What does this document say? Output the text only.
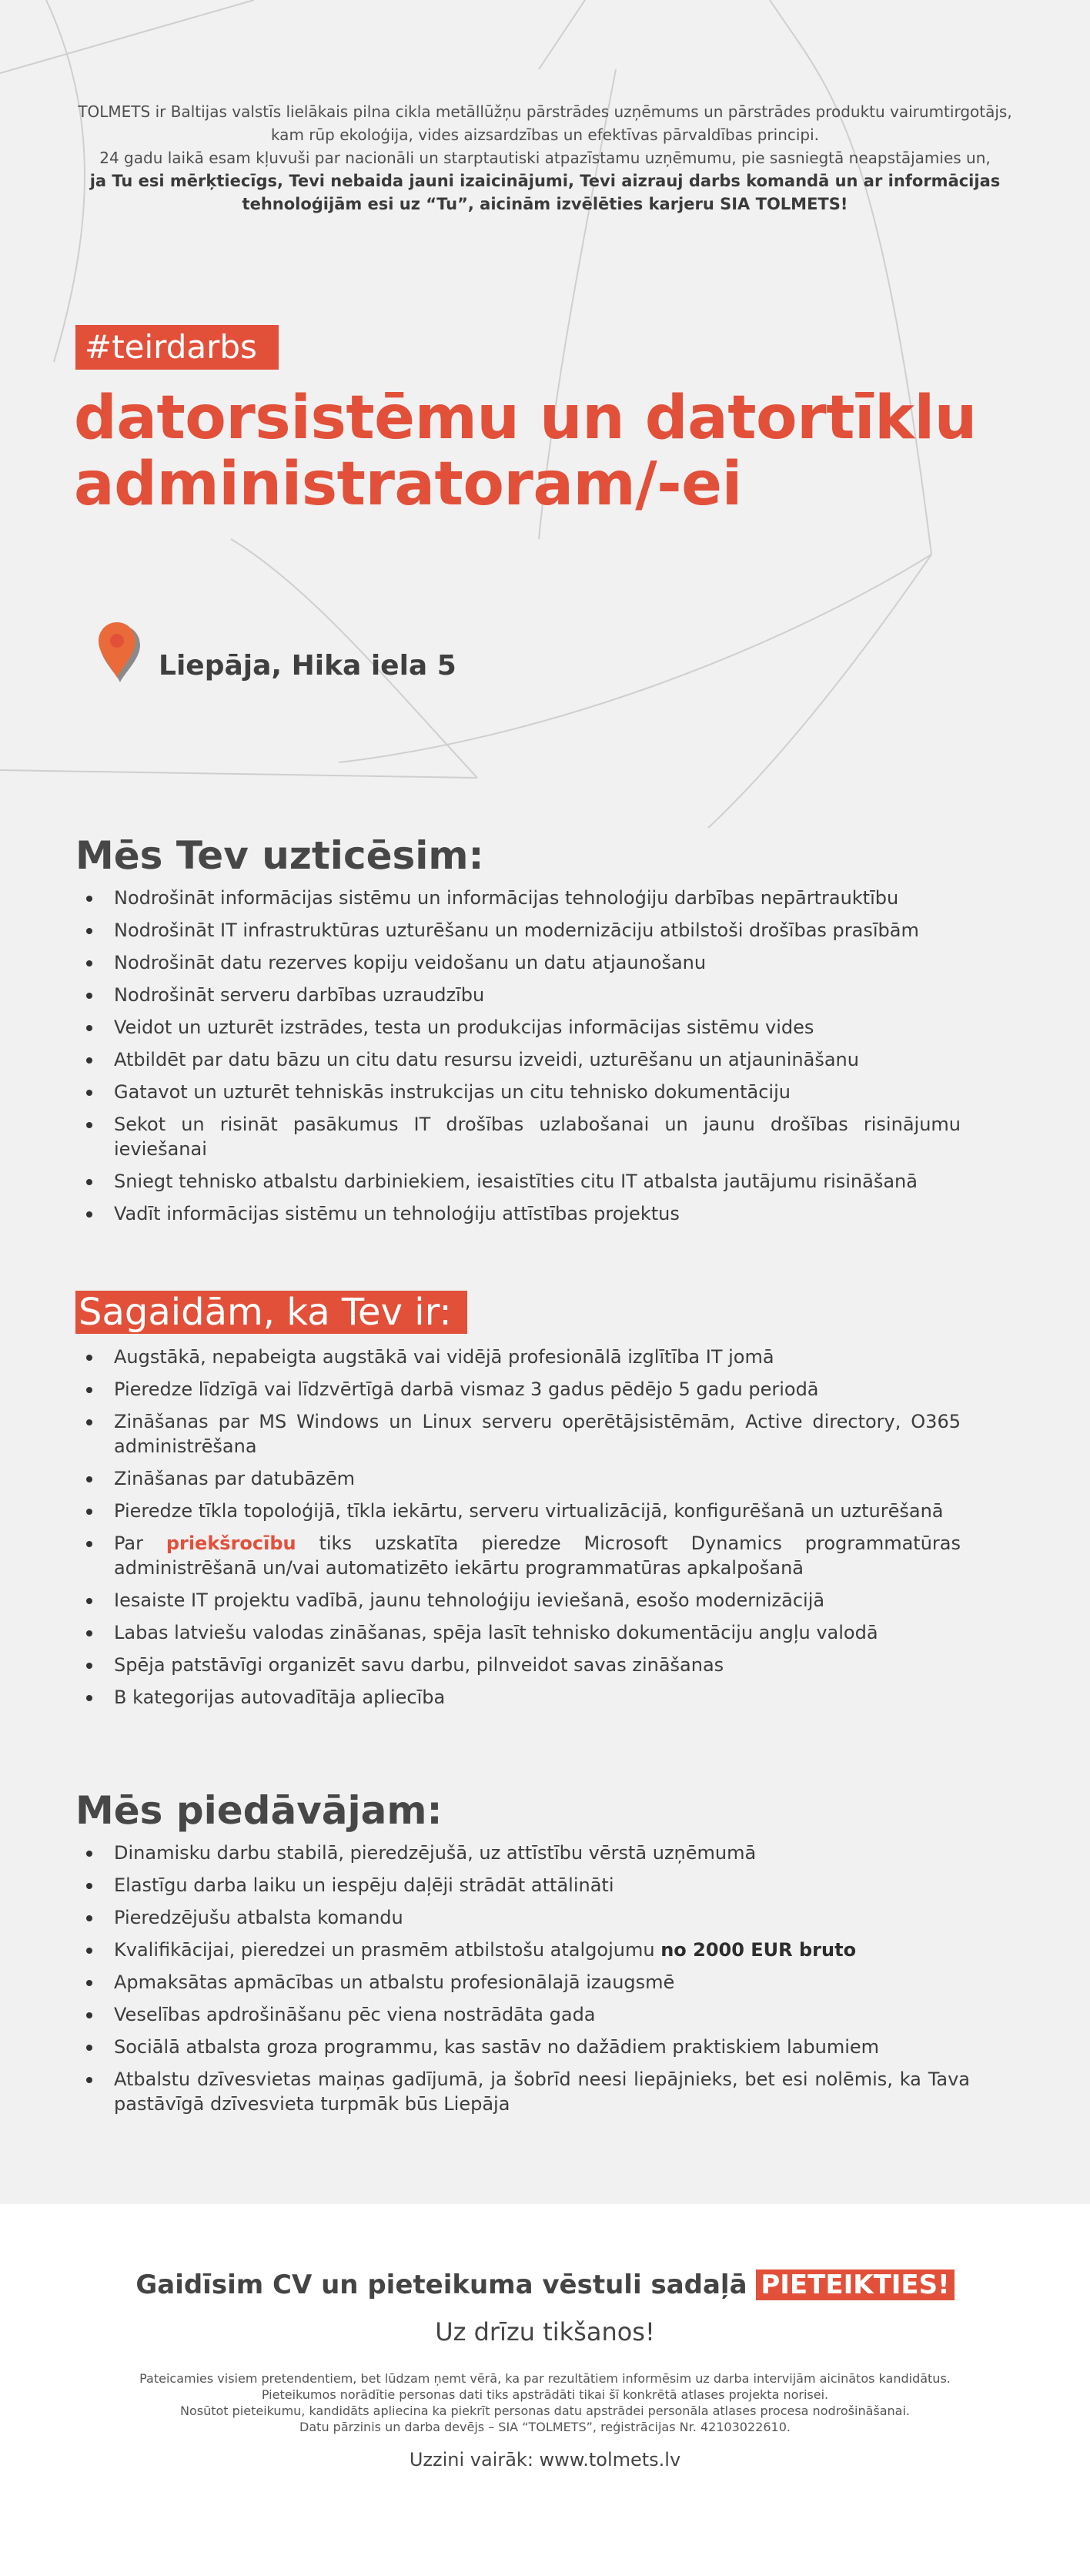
TOLMETS ir Baltijas valstīs lielākais pilna cikla metāllūžņu pārstrādes uzņēmums un pārstrādes produktu vairumtirgotājs, kam rūp ekoloģija, vides aizsardzības un efektīvas pārvaldības principi.

24 gadu laikā esam kļuvuši par nacionāli un starptautiski atpazīstamu uzņēmumu, pie sasniegtā neapstājamies un,

ja Tu esi mērķtiecīgs, Tevi nebaida jauni izaicinājumi, Tevi aizrauj darbs komandā un ar informācijas tehnoloģijām esi uz “Tu”, aicinām izvēlēties karjeru SIA TOLMETS!

#teirdarbs
datorsistēmu un datortīklu administratoram/-ei
Liepāja, Hika iela 5
Mēs Tev uzticēsim:
Nodrošināt informācijas sistēmu un informācijas tehnoloģiju darbības nepārtrauktību
Nodrošināt IT infrastruktūras uzturēšanu un modernizāciju atbilstoši drošības prasībām
Nodrošināt datu rezerves kopiju veidošanu un datu atjaunošanu
Nodrošināt serveru darbības uzraudzību
Veidot un uzturēt izstrādes, testa un produkcijas informācijas sistēmu vides
Atbildēt par datu bāzu un citu datu resursu izveidi, uzturēšanu un atjaunināšanu
Gatavot un uzturēt tehniskās instrukcijas un citu tehnisko dokumentāciju
Sekot un risināt pasākumus IT drošības uzlabošanai un jaunu drošības risinājumu ieviešanai
Sniegt tehnisko atbalstu darbiniekiem, iesaistīties citu IT atbalsta jautājumu risināšanā
Vadīt informācijas sistēmu un tehnoloģiju attīstības projektus
Sagaidām, ka Tev ir:
Augstākā, nepabeigta augstākā vai vidējā profesionālā izglītība IT jomā
Pieredze līdzīgā vai līdzvērtīgā darbā vismaz 3 gadus pēdējo 5 gadu periodā
Zināšanas par MS Windows un Linux serveru operētājsistēmām, Active directory, O365 administrēšana
Zināšanas par datubāzēm
Pieredze tīkla topoloģijā, tīkla iekārtu, serveru virtualizācijā, konfigurēšanā un uzturēšanā
Par priekšrocību tiks uzskatīta pieredze Microsoft Dynamics programmatūras administrēšanā un/vai automatizēto iekārtu programmatūras apkalpošanā
Iesaiste IT projektu vadībā, jaunu tehnoloģiju ieviešanā, esošo modernizācijā
Labas latviešu valodas zināšanas, spēja lasīt tehnisko dokumentāciju angļu valodā
Spēja patstāvīgi organizēt savu darbu, pilnveidot savas zināšanas
B kategorijas autovadītāja apliecība
Mēs piedāvājam:
Dinamisku darbu stabilā, pieredzējušā, uz attīstību vērstā uzņēmumā
Elastīgu darba laiku un iespēju daļēji strādāt attālināti
Pieredzējušu atbalsta komandu
Kvalifikācijai, pieredzei un prasmēm atbilstošu atalgojumu no 2000 EUR bruto
Apmaksātas apmācības un atbalstu profesionālajā izaugsmē
Veselības apdrošināšanu pēc viena nostrādāta gada
Sociālā atbalsta groza programmu, kas sastāv no dažādiem praktiskiem labumiem
Atbalstu dzīvesvietas maiņas gadījumā, ja šobrīd neesi liepājnieks, bet esi nolēmis, ka Tava pastāvīgā dzīvesvieta turpmāk būs Liepāja
Gaidīsim CV un pieteikuma vēstuli sadaļā PIETEIKTIES!
Uz drīzu tikšanos!

Pateicamies visiem pretendentiem, bet lūdzam ņemt vērā, ka par rezultātiem informēsim uz darba intervijām aicinātos kandidātus.

Pieteikumos norādītie personas dati tiks apstrādāti tikai šī konkrētā atlases projekta norisei.

Nosūtot pieteikumu, kandidāts apliecina ka piekrīt personas datu apstrādei personāla atlases procesa nodrošināšanai.

Datu pārzinis un darba devējs – SIA “TOLMETS”, reģistrācijas Nr. 42103022610.

Uzzini vairāk: www.tolmets.lv
